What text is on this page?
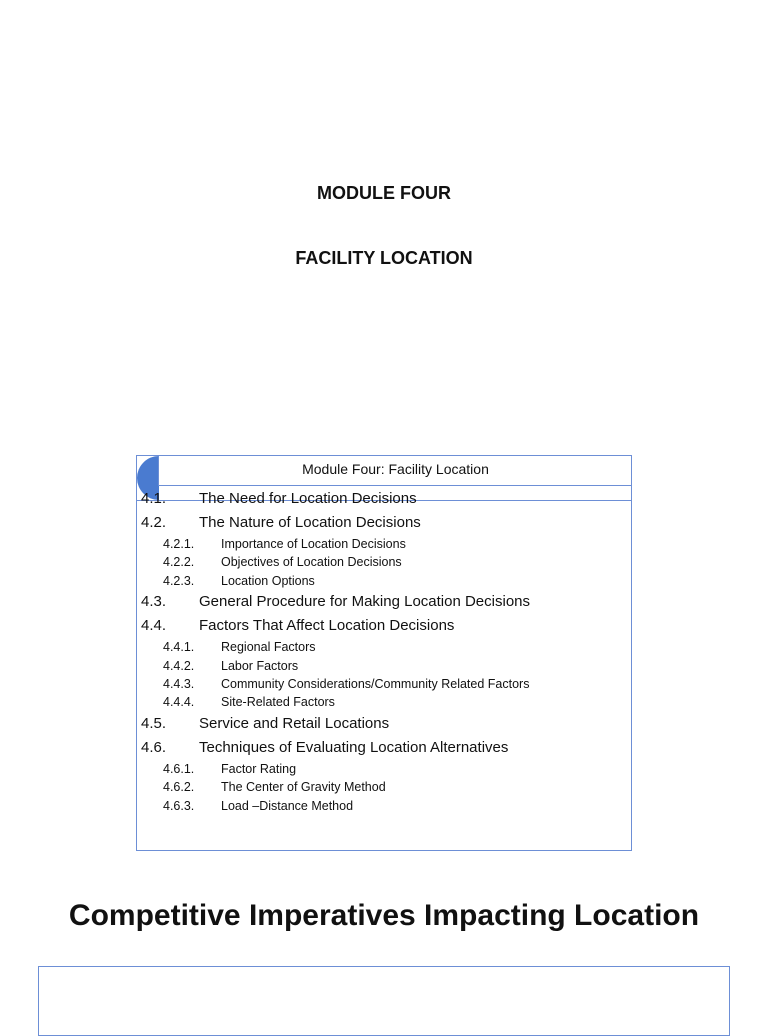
MODULE FOUR
FACILITY LOCATION
Module Four: Facility Location
4.1. The Need for Location Decisions
4.2. The Nature of Location Decisions
4.2.1. Importance of Location Decisions
4.2.2. Objectives of Location Decisions
4.2.3. Location Options
4.3. General Procedure for Making Location Decisions
4.4. Factors That Affect Location Decisions
4.4.1. Regional Factors
4.4.2. Labor Factors
4.4.3. Community Considerations/Community Related Factors
4.4.4. Site-Related Factors
4.5. Service and Retail Locations
4.6. Techniques of Evaluating Location Alternatives
4.6.1. Factor Rating
4.6.2. The Center of Gravity Method
4.6.3. Load –Distance Method
Competitive Imperatives Impacting Location
